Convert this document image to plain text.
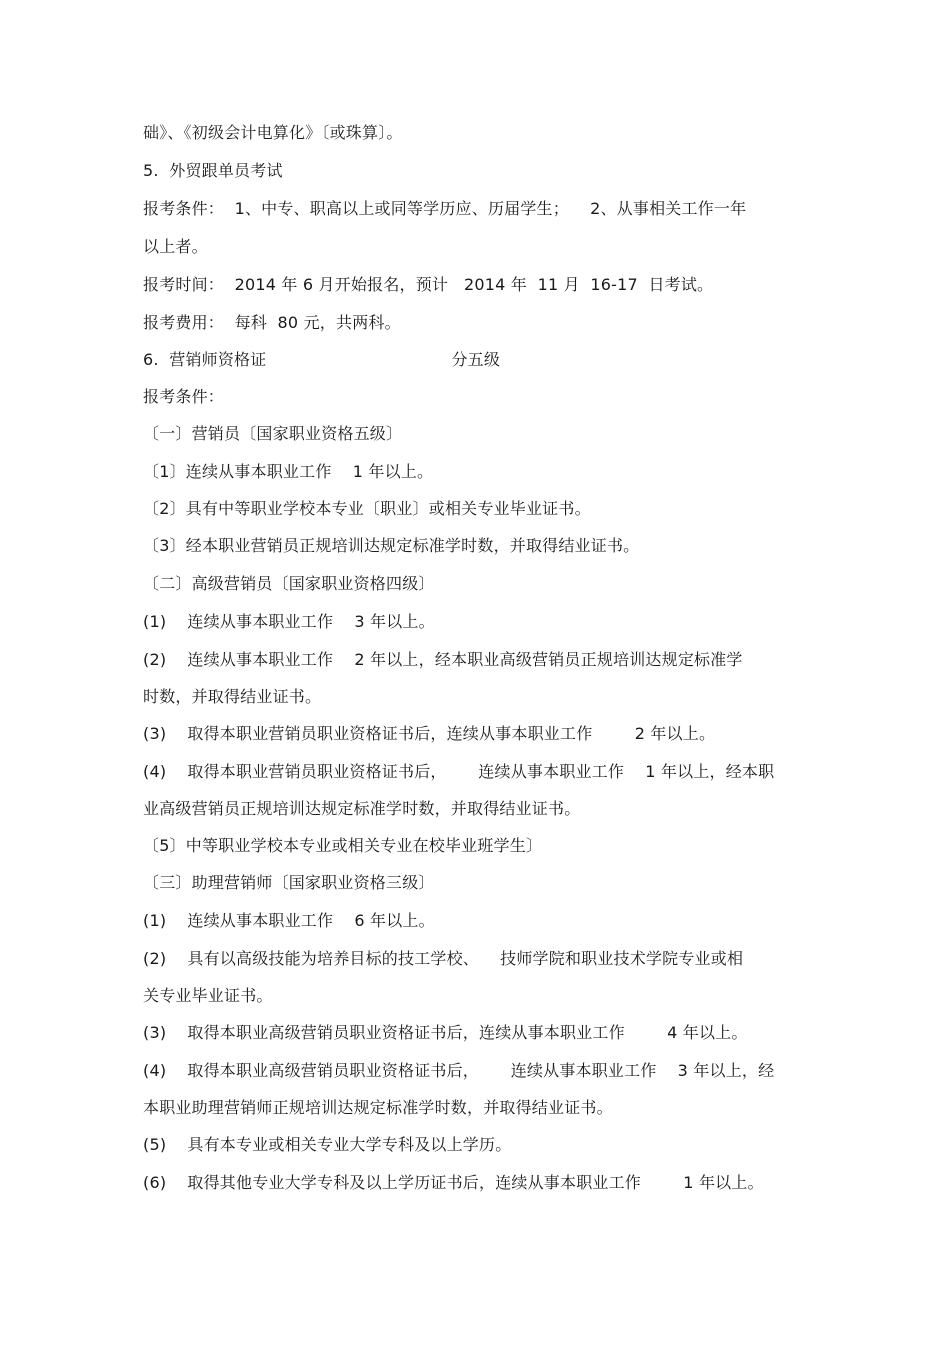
础》、《初级会计电算化》〔或珠算〕。
5.  外贸跟单员考试
报考条件：  1、中专、职高以上或同等学历应、历届学生；    2、从事相关工作一年
以上者。
报考时间：  2014 年 6 月开始报名，预计   2014 年  11 月  16-17  日考试。
报考费用：  每科  80 元，共两科。
6.  营销师资格证                                   分五级
报考条件：
〔一〕营销员〔国家职业资格五级〕
〔1〕连续从事本职业工作    1 年以上。
〔2〕具有中等职业学校本专业〔职业〕或相关专业毕业证书。
〔3〕经本职业营销员正规培训达规定标准学时数，并取得结业证书。
〔二〕高级营销员〔国家职业资格四级〕
(1)    连续从事本职业工作    3 年以上。
(2)    连续从事本职业工作    2 年以上，经本职业高级营销员正规培训达规定标准学
时数，并取得结业证书。
(3)    取得本职业营销员职业资格证书后，连续从事本职业工作        2 年以上。
(4)    取得本职业营销员职业资格证书后，      连续从事本职业工作    1 年以上，经本职
业高级营销员正规培训达规定标准学时数，并取得结业证书。
〔5〕中等职业学校本专业或相关专业在校毕业班学生〕
〔三〕助理营销师〔国家职业资格三级〕
(1)    连续从事本职业工作    6 年以上。
(2)    具有以高级技能为培养目标的技工学校、    技师学院和职业技术学院专业或相
关专业毕业证书。
(3)    取得本职业高级营销员职业资格证书后，连续从事本职业工作        4 年以上。
(4)    取得本职业高级营销员职业资格证书后，      连续从事本职业工作    3 年以上，经
本职业助理营销师正规培训达规定标准学时数，并取得结业证书。
(5)    具有本专业或相关专业大学专科及以上学历。
(6)    取得其他专业大学专科及以上学历证书后，连续从事本职业工作        1 年以上。
